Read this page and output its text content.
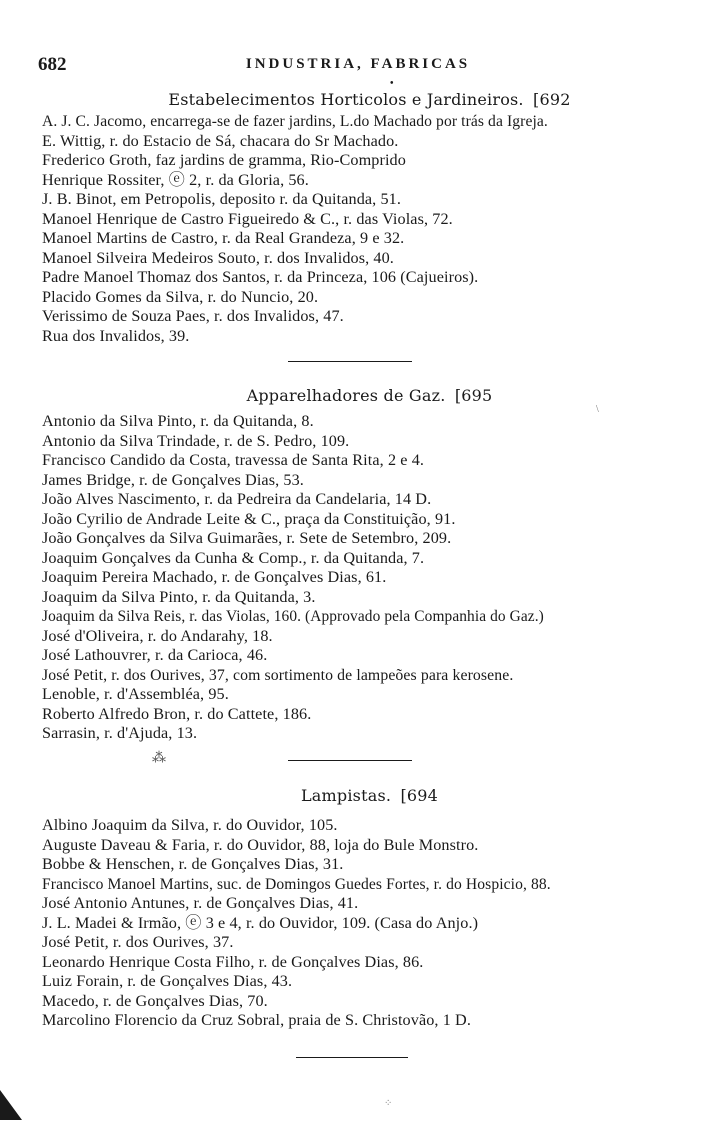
682	INDUSTRIA, FABRICAS
•
Estabelecimentos Horticolos e Jardineiros. [692
A. J. C. Jacomo, encarrega-se de fazer jardins, L.do Machado por trás da Igreja.
E. Wittig, r. do Estacio de Sá, chacara do Sr Machado.
Frederico Groth, faz jardins de gramma, Rio-Comprido
Henrique Rossiter, ⓔ 2, r. da Gloria, 56.
J. B. Binot, em Petropolis, deposito r. da Quitanda, 51.
Manoel Henrique de Castro Figueiredo & C., r. das Violas, 72.
Manoel Martins de Castro, r. da Real Grandeza, 9 e 32.
Manoel Silveira Medeiros Souto, r. dos Invalidos, 40.
Padre Manoel Thomaz dos Santos, r. da Princeza, 106 (Cajueiros).
Placido Gomes da Silva, r. do Nuncio, 20.
Verissimo de Souza Paes, r. dos Invalidos, 47.
Rua dos Invalidos, 39.
Apparelhadores de Gaz. [695
Antonio da Silva Pinto, r. da Quitanda, 8.
Antonio da Silva Trindade, r. de S. Pedro, 109.
Francisco Candido da Costa, travessa de Santa Rita, 2 e 4.
James Bridge, r. de Gonçalves Dias, 53.
João Alves Nascimento, r. da Pedreira da Candelaria, 14 D.
João Cyrilio de Andrade Leite & C., praça da Constituição, 91.
João Gonçalves da Silva Guimarães, r. Sete de Setembro, 209.
Joaquim Gonçalves da Cunha & Comp., r. da Quitanda, 7.
Joaquim Pereira Machado, r. de Gonçalves Dias, 61.
Joaquim da Silva Pinto, r. da Quitanda, 3.
Joaquim da Silva Reis, r. das Violas, 160. (Approvado pela Companhia do Gaz.)
José d'Oliveira, r. do Andarahy, 18.
José Lathouvrer, r. da Carioca, 46.
José Petit, r. dos Ourives, 37, com sortimento de lampeões para kerosene.
Lenoble, r. d'Assembléa, 95.
Roberto Alfredo Bron, r. do Cattete, 186.
Sarrasin, r. d'Ajuda, 13.
⁂
Lampistas. [694
Albino Joaquim da Silva, r. do Ouvidor, 105.
Auguste Daveau & Faria, r. do Ouvidor, 88, loja do Bule Monstro.
Bobbe & Henschen, r. de Gonçalves Dias, 31.
Francisco Manoel Martins, suc. de Domingos Guedes Fortes, r. do Hospicio, 88.
José Antonio Antunes, r. de Gonçalves Dias, 41.
J. L. Madei & Irmão, ⓔ 3 e 4, r. do Ouvidor, 109. (Casa do Anjo.)
José Petit, r. dos Ourives, 37.
Leonardo Henrique Costa Filho, r. de Gonçalves Dias, 86.
Luiz Forain, r. de Gonçalves Dias, 43.
Macedo, r. de Gonçalves Dias, 70.
Marcolino Florencio da Cruz Sobral, praia de S. Christovão, 1 D.
\
⁘
